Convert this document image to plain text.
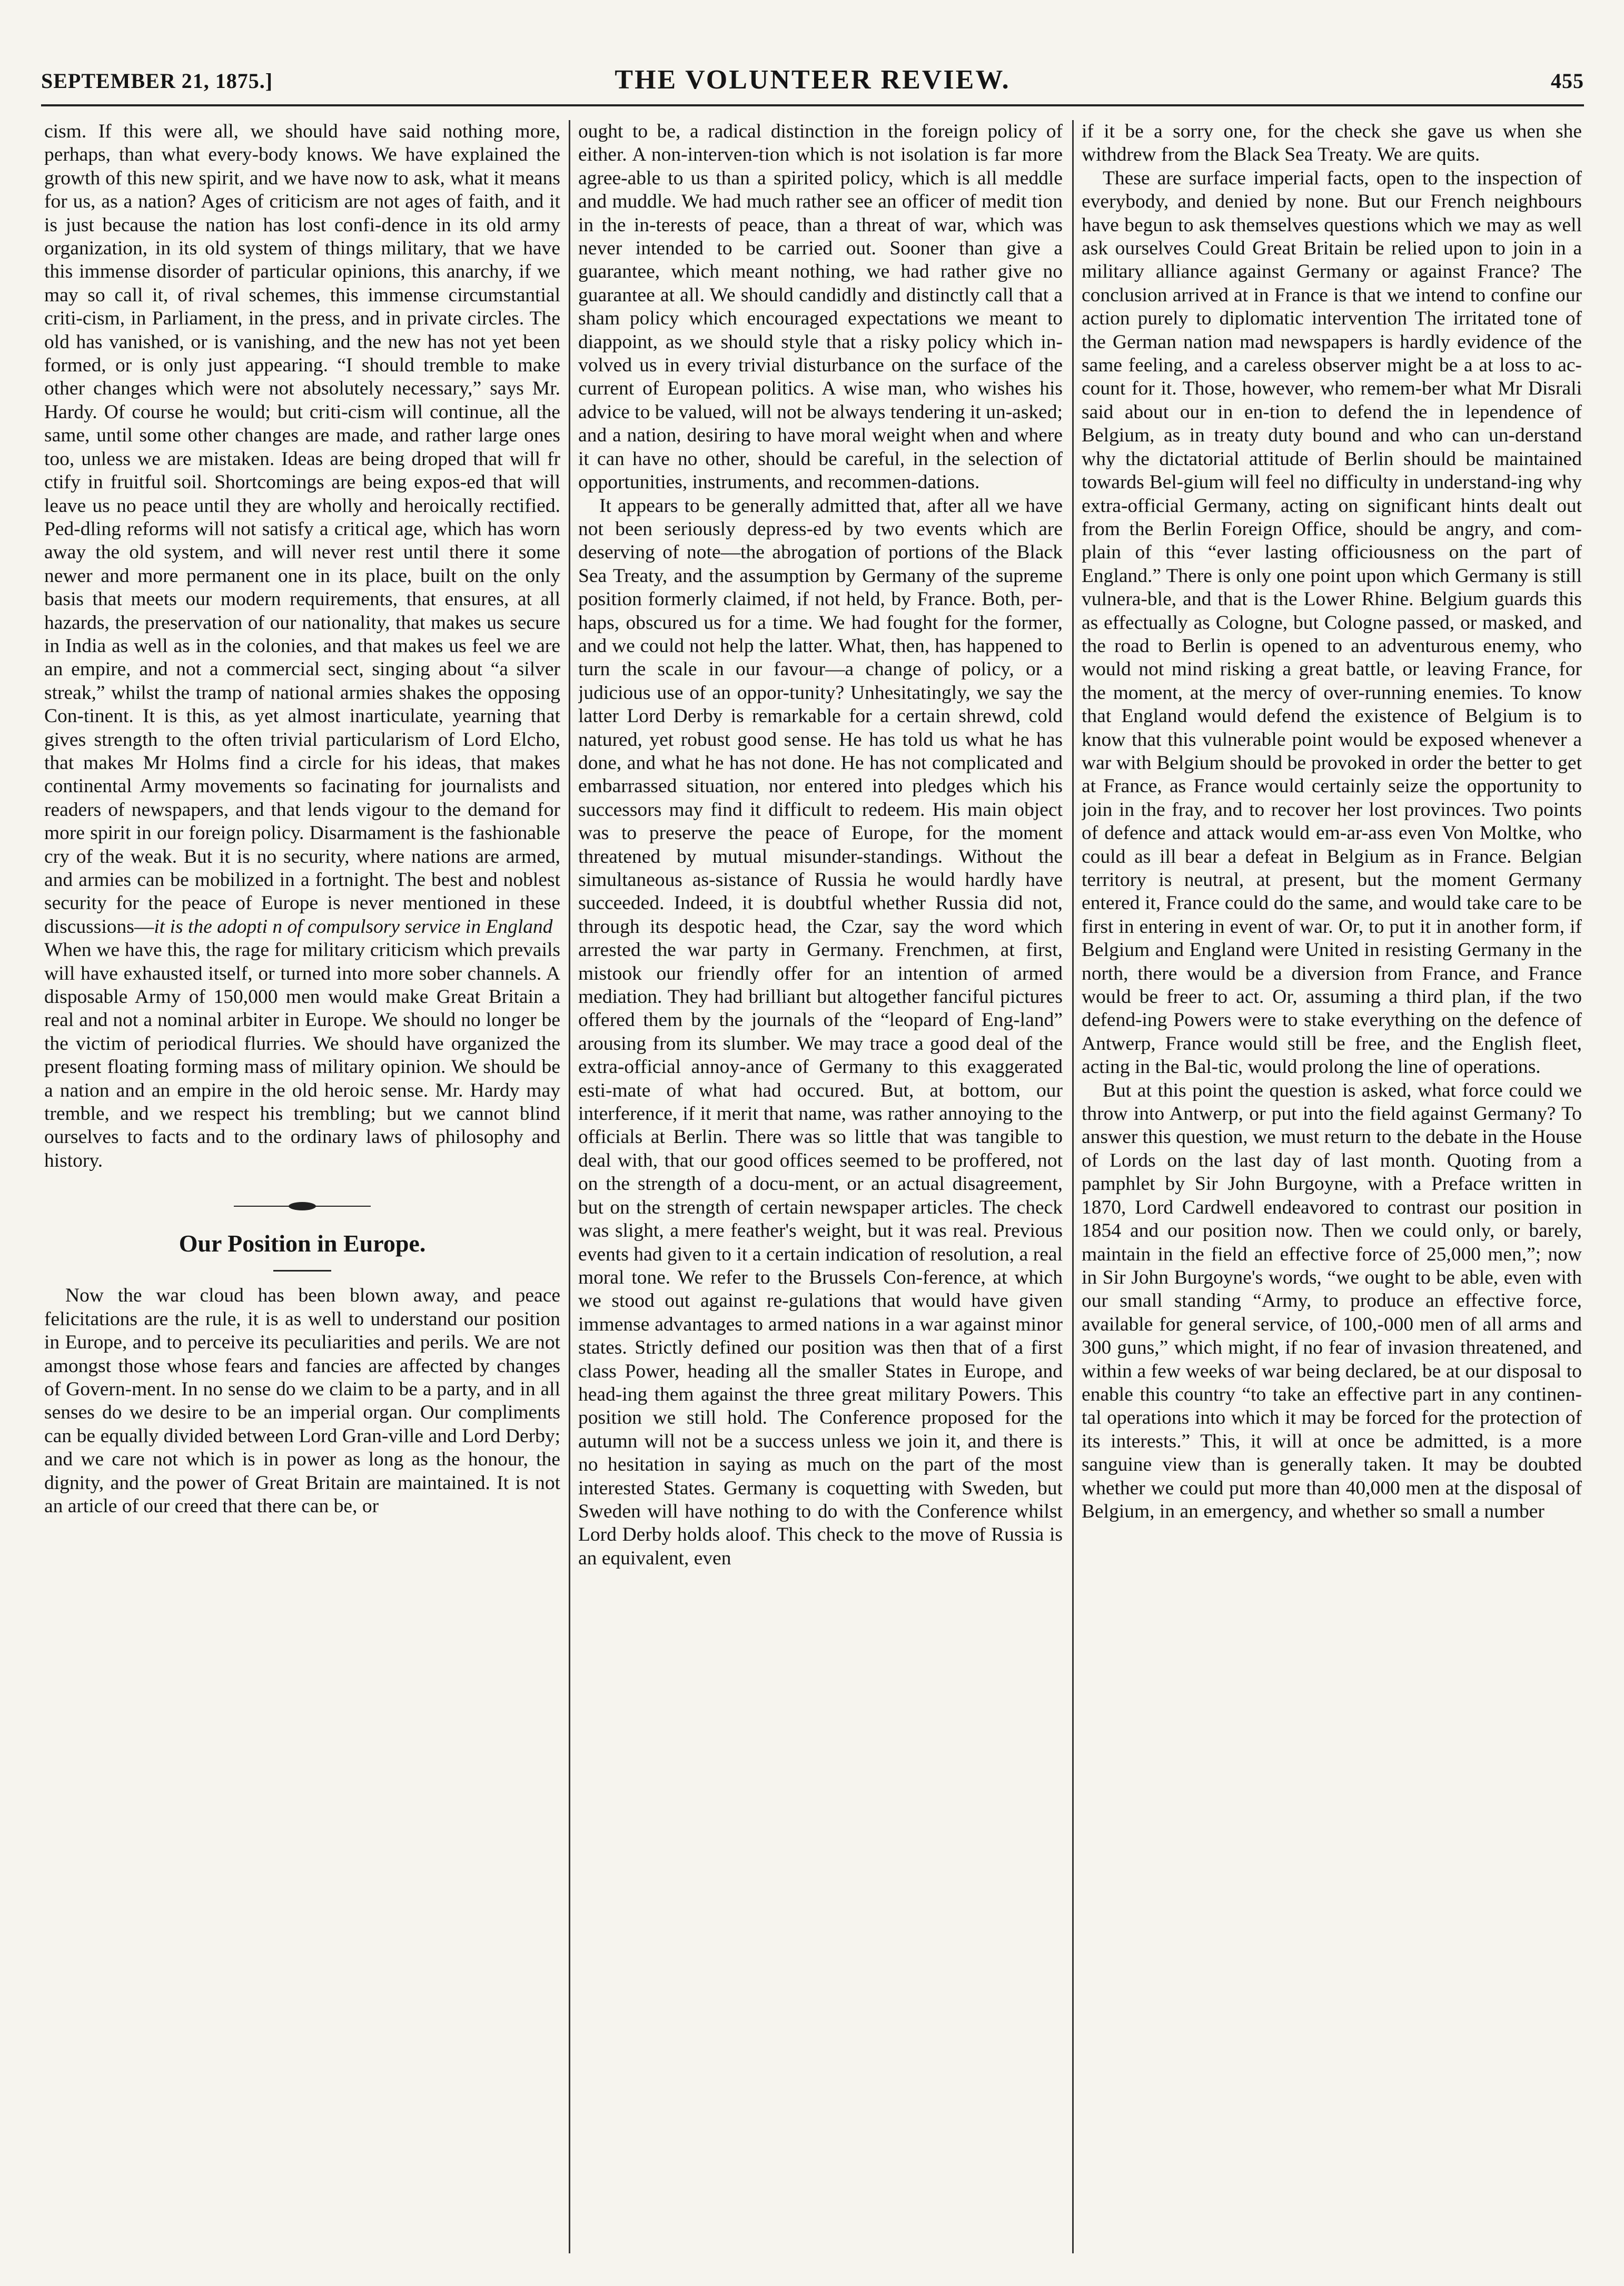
SEPTEMBER 21, 1875.]	THE VOLUNTEER REVIEW.	455

cism. If this were all, we should have said nothing more, perhaps, than what every-body knows. We have explained the growth of this new spirit, and we have now to ask, what it means for us, as a nation? Ages of criticism are not ages of faith, and it is just because the nation has lost confi-dence in its old army organization, in its old system of things military, that we have this immense disorder of particular opinions, this anarchy, if we may so call it, of rival schemes, this immense circumstantial criti-cism, in Parliament, in the press, and in private circles. The old has vanished, or is vanishing, and the new has not yet been formed, or is only just appearing. “I should tremble to make other changes which were not absolutely necessary,” says Mr. Hardy. Of course he would; but criti-cism will continue, all the same, until some other changes are made, and rather large ones too, unless we are mistaken. Ideas are being droped that will fr ctify in fruitful soil. Shortcomings are being expos-ed that will leave us no peace until they are wholly and heroically rectified. Ped-dling reforms will not satisfy a critical age, which has worn away the old system, and will never rest until there it some newer and more permanent one in its place, built on the only basis that meets our modern requirements, that ensures, at all hazards, the preservation of our nationality, that makes us secure in India as well as in the colonies, and that makes us feel we are an empire, and not a commercial sect, singing about “a silver streak,” whilst the tramp of national armies shakes the opposing Con-tinent. It is this, as yet almost inarticulate, yearning that gives strength to the often trivial particularism of Lord Elcho, that makes Mr Holms find a circle for his ideas, that makes continental Army movements so facinating for journalists and readers of newspapers, and that lends vigour to the demand for more spirit in our foreign policy. Disarmament is the fashionable cry of the weak. But it is no security, where nations are armed, and armies can be mobilized in a fortnight. The best and noblest security for the peace of Europe is never mentioned in these discussions—it is the adopti n of compulsory service in England

When we have this, the rage for military criticism which prevails will have exhausted itself, or turned into more sober channels. A disposable Army of 150,000 men would make Great Britain a real and not a nominal arbiter in Europe. We should no longer be the victim of periodical flurries. We should have organized the present floating forming mass of military opinion. We should be a nation and an empire in the old heroic sense. Mr. Hardy may tremble, and we respect his trembling; but we cannot blind ourselves to facts and to the ordinary laws of philosophy and history.

Our Position in Europe.

Now the war cloud has been blown away, and peace felicitations are the rule, it is as well to understand our position in Europe, and to perceive its peculiarities and perils. We are not amongst those whose fears and fancies are affected by changes of Govern-ment. In no sense do we claim to be a party, and in all senses do we desire to be an imperial organ. Our compliments can be equally divided between Lord Gran-ville and Lord Derby; and we care not which is in power as long as the honour, the dignity, and the power of Great Britain are maintained. It is not an article of our creed that there can be, or

ought to be, a radical distinction in the foreign policy of either. A non-interven-tion which is not isolation is far more agree-able to us than a spirited policy, which is all meddle and muddle. We had much rather see an officer of medit tion in the in-terests of peace, than a threat of war, which was never intended to be carried out. Sooner than give a guarantee, which meant nothing, we had rather give no guarantee at all. We should candidly and distinctly call that a sham policy which encouraged expectations we meant to diappoint, as we should style that a risky policy which in-volved us in every trivial disturbance on the surface of the current of European politics. A wise man, who wishes his advice to be valued, will not be always tendering it un-asked; and a nation, desiring to have moral weight when and where it can have no other, should be careful, in the selection of opportunities, instruments, and recommen-dations.

It appears to be generally admitted that, after all we have not been seriously depress-ed by two events which are deserving of note—the abrogation of portions of the Black Sea Treaty, and the assumption by Germany of the supreme position formerly claimed, if not held, by France. Both, per-haps, obscured us for a time. We had fought for the former, and we could not help the latter. What, then, has happened to turn the scale in our favour—a change of policy, or a judicious use of an oppor-tunity? Unhesitatingly, we say the latter Lord Derby is remarkable for a certain shrewd, cold natured, yet robust good sense. He has told us what he has done, and what he has not done. He has not complicated and embarrassed situation, nor entered into pledges which his successors may find it difficult to redeem. His main object was to preserve the peace of Europe, for the moment threatened by mutual misunder-standings. Without the simultaneous as-sistance of Russia he would hardly have succeeded. Indeed, it is doubtful whether Russia did not, through its despotic head, the Czar, say the word which arrested the war party in Germany. Frenchmen, at first, mistook our friendly offer for an intention of armed mediation. They had brilliant but altogether fanciful pictures offered them by the journals of the “leopard of Eng-land” arousing from its slumber. We may trace a good deal of the extra-official annoy-ance of Germany to this exaggerated esti-mate of what had occured. But, at bottom, our interference, if it merit that name, was rather annoying to the officials at Berlin. There was so little that was tangible to deal with, that our good offices seemed to be proffered, not on the strength of a docu-ment, or an actual disagreement, but on the strength of certain newspaper articles. The check was slight, a mere feather's weight, but it was real. Previous events had given to it a certain indication of resolution, a real moral tone. We refer to the Brussels Con-ference, at which we stood out against re-gulations that would have given immense advantages to armed nations in a war against minor states. Strictly defined our position was then that of a first class Power, heading all the smaller States in Europe, and head-ing them against the three great military Powers. This position we still hold. The Conference proposed for the autumn will not be a success unless we join it, and there is no hesitation in saying as much on the part of the most interested States. Germany is coquetting with Sweden, but Sweden will have nothing to do with the Conference whilst Lord Derby holds aloof. This check to the move of Russia is an equivalent, even

if it be a sorry one, for the check she gave us when she withdrew from the Black Sea Treaty. We are quits.

These are surface imperial facts, open to the inspection of everybody, and denied by none. But our French neighbours have begun to ask themselves questions which we may as well ask ourselves Could Great Britain be relied upon to join in a military alliance against Germany or against France? The conclusion arrived at in France is that we intend to confine our action purely to diplomatic intervention The irritated tone of the German nation mad newspapers is hardly evidence of the same feeling, and a careless observer might be a at loss to ac-count for it. Those, however, who remem-ber what Mr Disrali said about our in en-tion to defend the in lependence of Belgium, as in treaty duty bound and who can un-derstand why the dictatorial attitude of Berlin should be maintained towards Bel-gium will feel no difficulty in understand-ing why extra-official Germany, acting on significant hints dealt out from the Berlin Foreign Office, should be angry, and com-plain of this “ever lasting officiousness on the part of England.” There is only one point upon which Germany is still vulnera-ble, and that is the Lower Rhine. Belgium guards this as effectually as Cologne, but Cologne passed, or masked, and the road to Berlin is opened to an adventurous enemy, who would not mind risking a great battle, or leaving France, for the moment, at the mercy of over-running enemies. To know that England would defend the existence of Belgium is to know that this vulnerable point would be exposed whenever a war with Belgium should be provoked in order the better to get at France, as France would certainly seize the opportunity to join in the fray, and to recover her lost provinces. Two points of defence and attack would em-ar-ass even Von Moltke, who could as ill bear a defeat in Belgium as in France. Belgian territory is neutral, at present, but the moment Germany entered it, France could do the same, and would take care to be first in entering in event of war. Or, to put it in another form, if Belgium and England were United in resisting Germany in the north, there would be a diversion from France, and France would be freer to act. Or, assuming a third plan, if the two defend-ing Powers were to stake everything on the defence of Antwerp, France would still be free, and the English fleet, acting in the Bal-tic, would prolong the line of operations.

But at this point the question is asked, what force could we throw into Antwerp, or put into the field against Germany? To answer this question, we must return to the debate in the House of Lords on the last day of last month. Quoting from a pamphlet by Sir John Burgoyne, with a Preface written in 1870, Lord Cardwell endeavored to contrast our position in 1854 and our position now. Then we could only, or barely, maintain in the field an effective force of 25,000 men,”; now in Sir John Burgoyne's words, “we ought to be able, even with our small standing “Army, to produce an effective force, available for general service, of 100,-000 men of all arms and 300 guns,” which might, if no fear of invasion threatened, and within a few weeks of war being declared, be at our disposal to enable this country “to take an effective part in any continen-tal operations into which it may be forced for the protection of its interests.” This, it will at once be admitted, is a more sanguine view than is generally taken. It may be doubted whether we could put more than 40,000 men at the disposal of Belgium, in an emergency, and whether so small a number
